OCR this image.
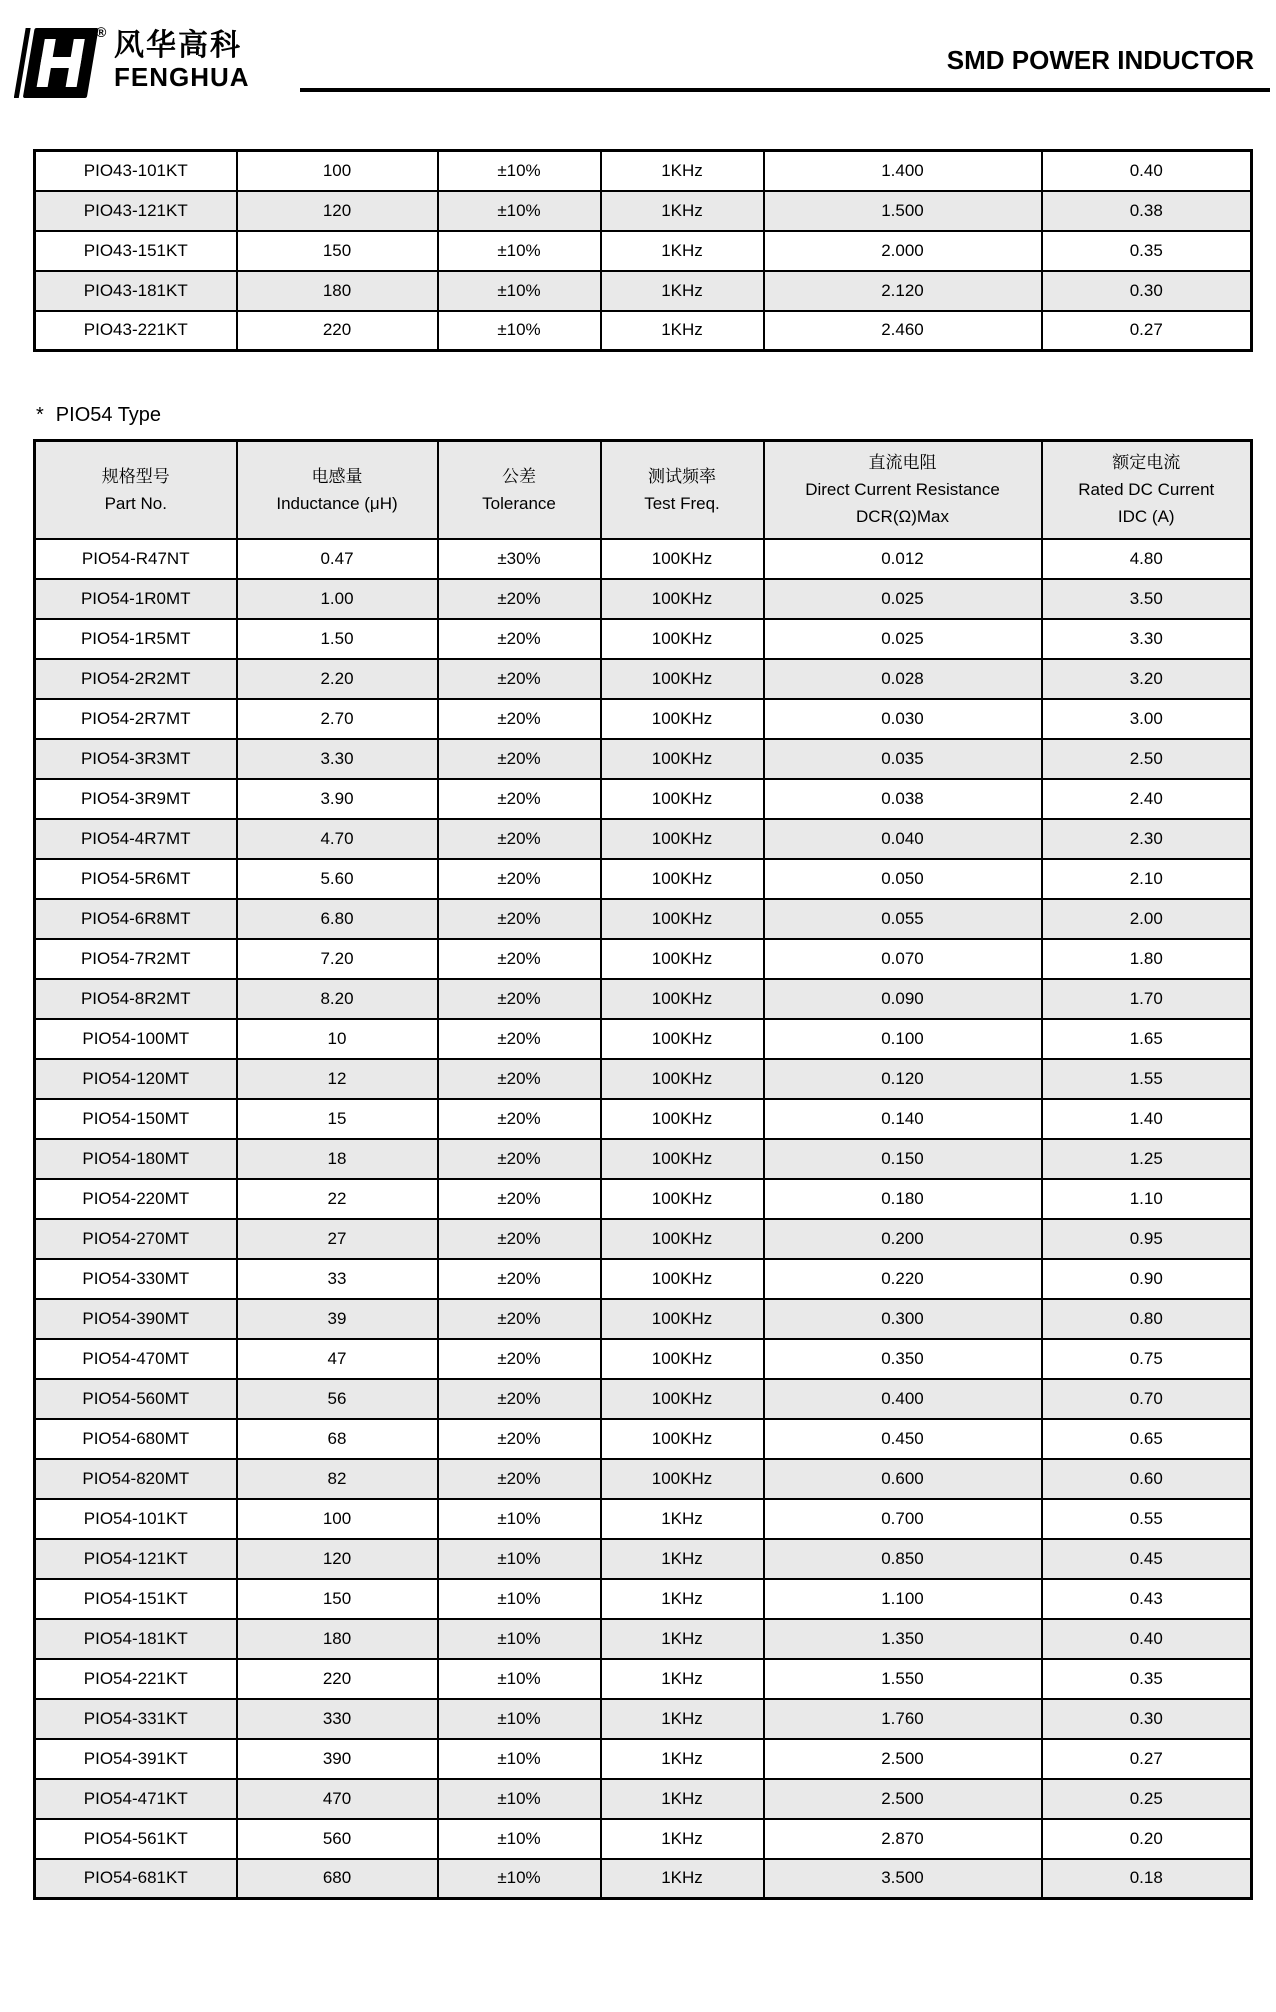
® 风华高科
FENGHUA
SMD POWER INDUCTOR
PIO43-101KT	100	±10%	1KHz	1.400	0.40
PIO43-121KT	120	±10%	1KHz	1.500	0.38
PIO43-151KT	150	±10%	1KHz	2.000	0.35
PIO43-181KT	180	±10%	1KHz	2.120	0.30
PIO43-221KT	220	±10%	1KHz	2.460	0.27
* PIO54 Type
规格型号
Part No.

电感量
Inductance (μH)

公差
Tolerance

测试频率
Test Freq.

直流电阻
Direct Current Resistance
DCR(Ω)Max

额定电流
Rated DC Current
IDC (A)

PIO54-R47NT	0.47	±30%	100KHz	0.012	4.80
PIO54-1R0MT	1.00	±20%	100KHz	0.025	3.50
PIO54-1R5MT	1.50	±20%	100KHz	0.025	3.30
PIO54-2R2MT	2.20	±20%	100KHz	0.028	3.20
PIO54-2R7MT	2.70	±20%	100KHz	0.030	3.00
PIO54-3R3MT	3.30	±20%	100KHz	0.035	2.50
PIO54-3R9MT	3.90	±20%	100KHz	0.038	2.40
PIO54-4R7MT	4.70	±20%	100KHz	0.040	2.30
PIO54-5R6MT	5.60	±20%	100KHz	0.050	2.10
PIO54-6R8MT	6.80	±20%	100KHz	0.055	2.00
PIO54-7R2MT	7.20	±20%	100KHz	0.070	1.80
PIO54-8R2MT	8.20	±20%	100KHz	0.090	1.70
PIO54-100MT	10	±20%	100KHz	0.100	1.65
PIO54-120MT	12	±20%	100KHz	0.120	1.55
PIO54-150MT	15	±20%	100KHz	0.140	1.40
PIO54-180MT	18	±20%	100KHz	0.150	1.25
PIO54-220MT	22	±20%	100KHz	0.180	1.10
PIO54-270MT	27	±20%	100KHz	0.200	0.95
PIO54-330MT	33	±20%	100KHz	0.220	0.90
PIO54-390MT	39	±20%	100KHz	0.300	0.80
PIO54-470MT	47	±20%	100KHz	0.350	0.75
PIO54-560MT	56	±20%	100KHz	0.400	0.70
PIO54-680MT	68	±20%	100KHz	0.450	0.65
PIO54-820MT	82	±20%	100KHz	0.600	0.60
PIO54-101KT	100	±10%	1KHz	0.700	0.55
PIO54-121KT	120	±10%	1KHz	0.850	0.45
PIO54-151KT	150	±10%	1KHz	1.100	0.43
PIO54-181KT	180	±10%	1KHz	1.350	0.40
PIO54-221KT	220	±10%	1KHz	1.550	0.35
PIO54-331KT	330	±10%	1KHz	1.760	0.30
PIO54-391KT	390	±10%	1KHz	2.500	0.27
PIO54-471KT	470	±10%	1KHz	2.500	0.25
PIO54-561KT	560	±10%	1KHz	2.870	0.20
PIO54-681KT	680	±10%	1KHz	3.500	0.18
